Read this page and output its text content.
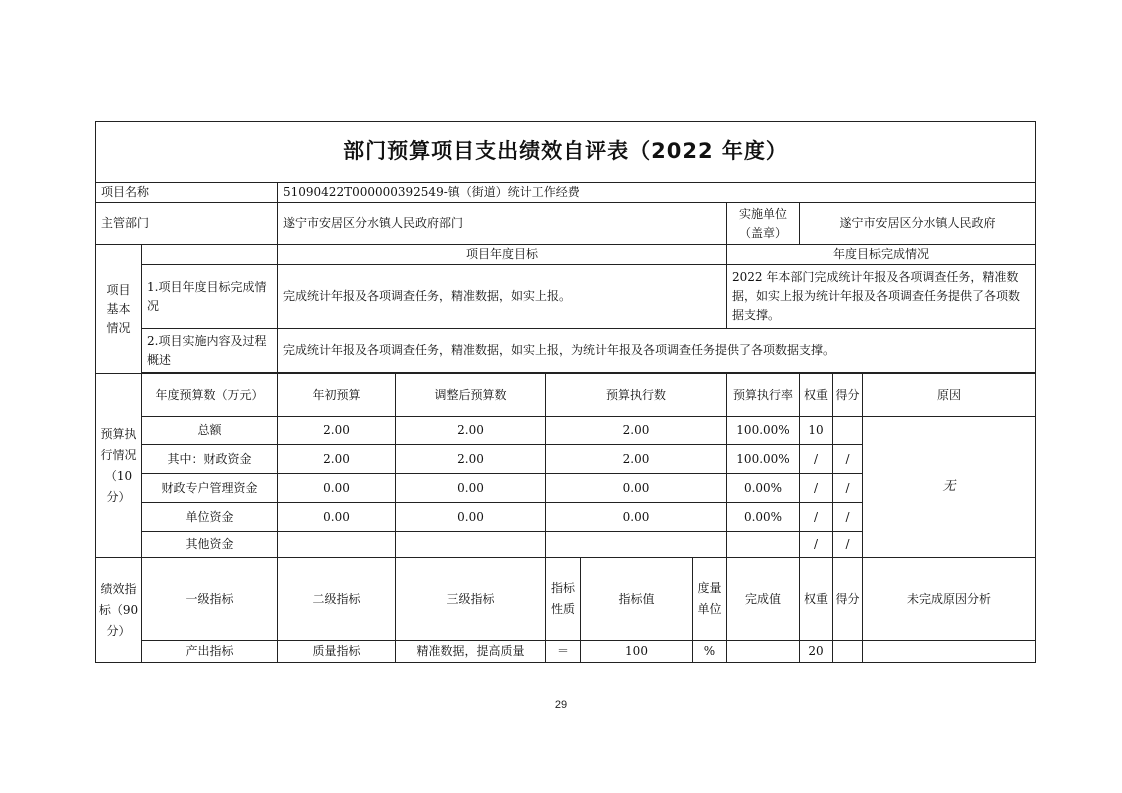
部门预算项目支出绩效自评表（2022 年度）										
项目名称		51090422T000000392549-镇（街道）统计工作经费								
主管部门		遂宁市安居区分水镇人民政府部门					实施单位
（盖章）	遂宁市安居区分水镇人民政府		
项目基本情况		项目年度目标					年度目标完成情况			
	1.项目年度目标完成情况	完成统计年报及各项调查任务，精准数据，如实上报。					2022 年本部门完成统计年报及各项调查任务，精准数据，如实上报为统计年报及各项调查任务提供了各项数据支撑。			
	2.项目实施内容及过程概述	完成统计年报及各项调查任务，精准数据，如实上报，为统计年报及各项调查任务提供了各项数据支撑。								

预算执行情况（10分）	年度预算数（万元）	年初预算	调整后预算数	预算执行数			预算执行率	权重	得分	原因
	总额	2.00	2.00	2.00			100.00%	10		无
	其中：财政资金	2.00	2.00	2.00			100.00%	/	/	
	财政专户管理资金	0.00	0.00	0.00			0.00%	/	/	
	单位资金	0.00	0.00	0.00			0.00%	/	/	
	其他资金							/	/	
绩效指标（90分）	一级指标	二级指标	三级指标	指标性质	指标值	度量单位	完成值	权重	得分	未完成原因分析
	产出指标	质量指标	精准数据，提高质量	＝	100	%		20		
29
